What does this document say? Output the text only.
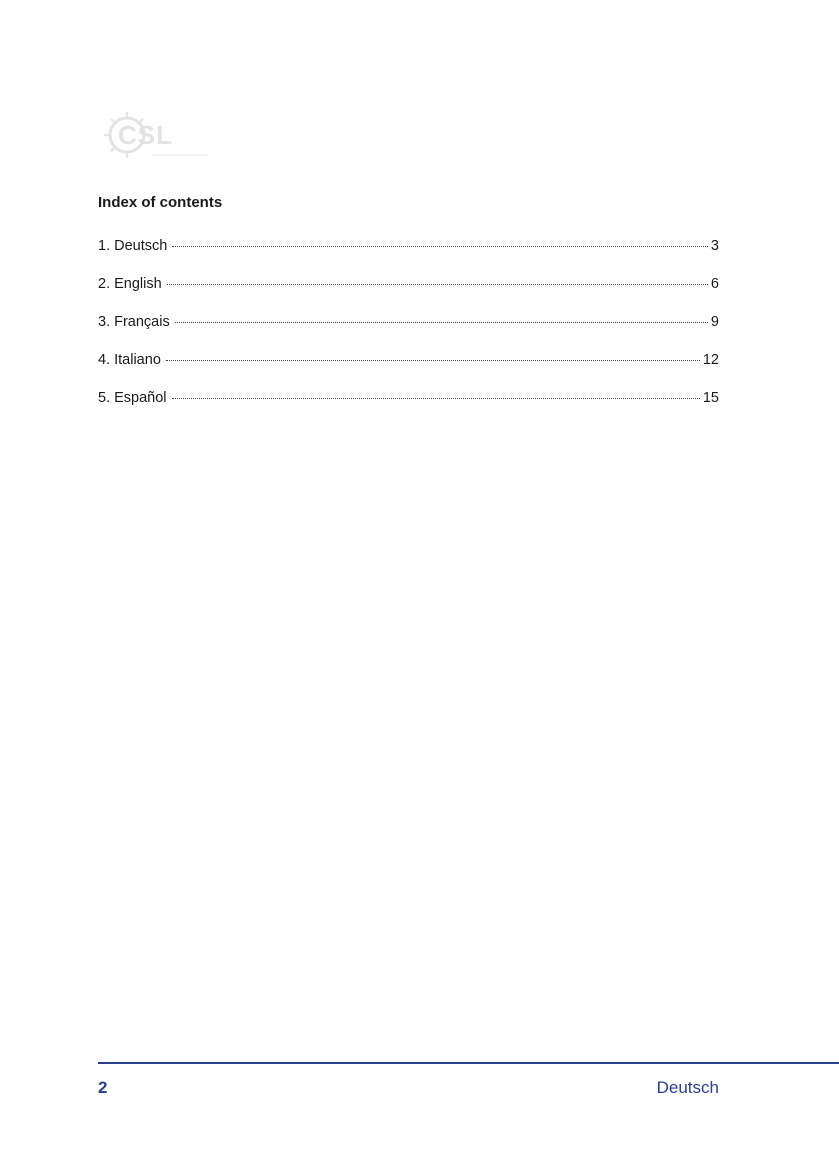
CSL
Index of contents
1. Deutsch	3
2. English	6
3. Français	9
4. Italiano	12
5. Español	15
2	Deutsch
